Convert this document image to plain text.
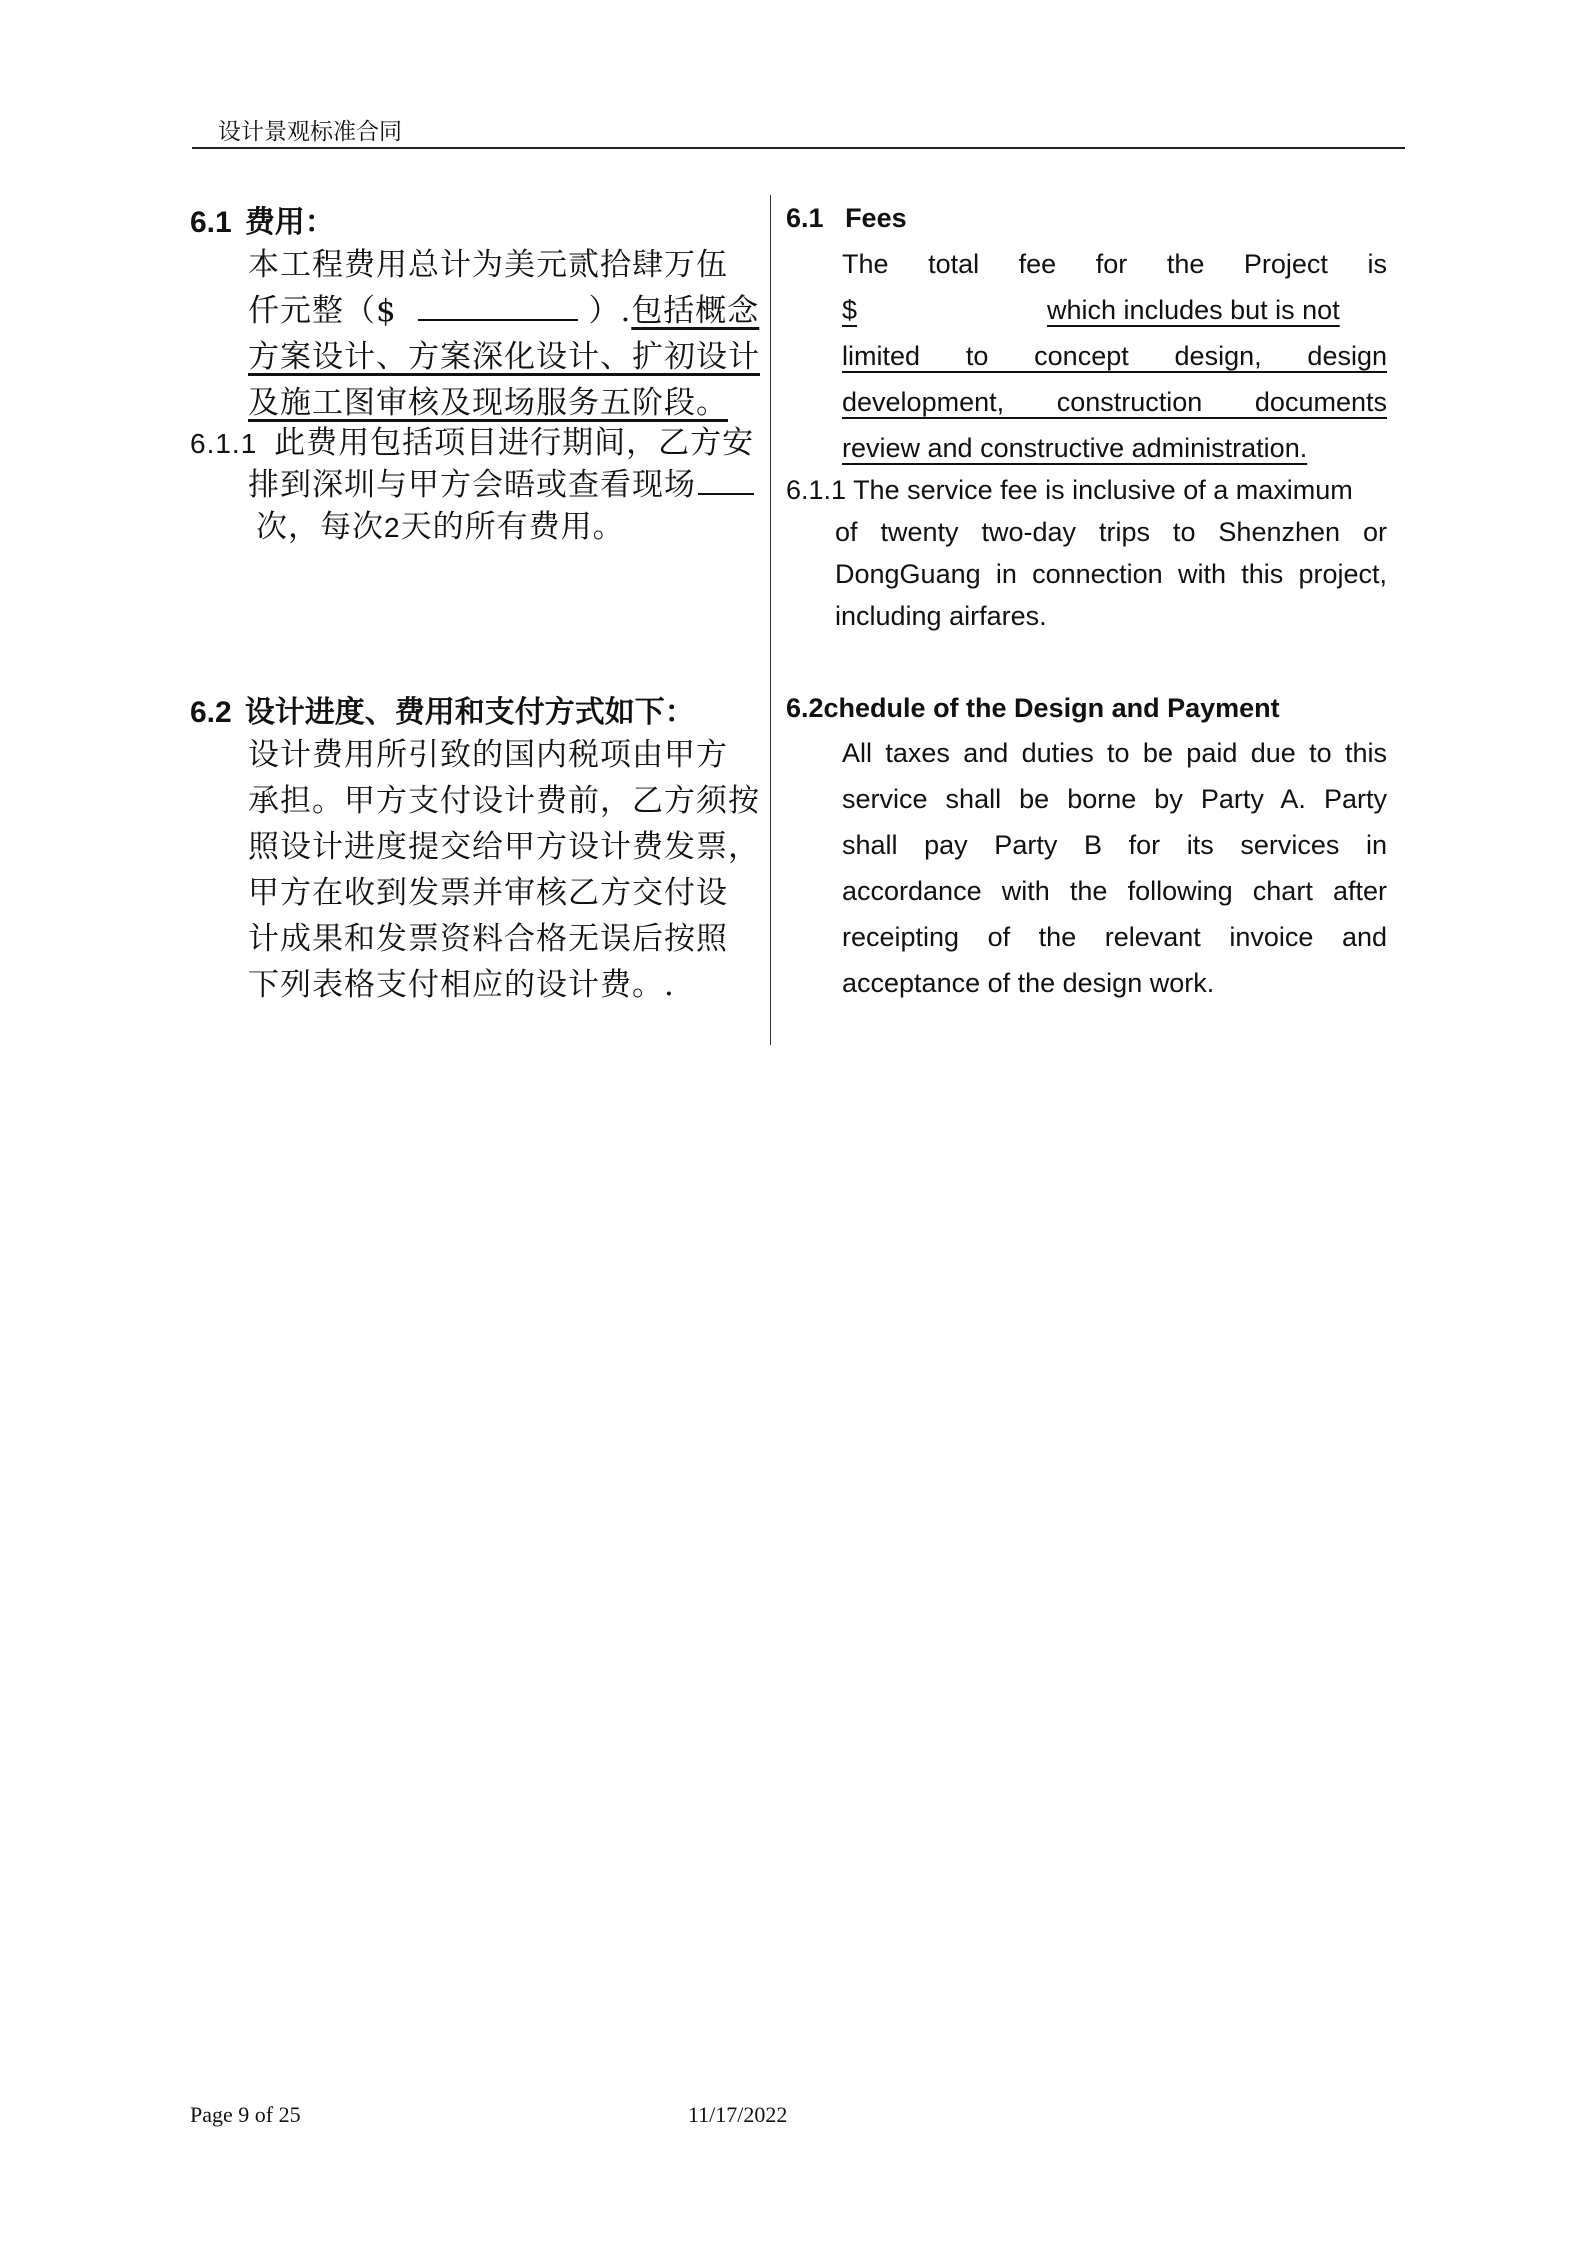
设计景观标准合同
6.1 费用：
本工程费用总计为美元贰拾肆万伍
仟元整（$	）.包括概念
方案设计、方案深化设计、扩初设计
及施工图审核及现场服务五阶段。
6.1.1 此费用包括项目进行期间，乙方安
排到深圳与甲方会晤或查看现场
次，每次2天的所有费用。
6.2 设计进度、费用和支付方式如下：
设计费用所引致的国内税项由甲方
承担。甲方支付设计费前，乙方须按
照设计进度提交给甲方设计费发票，
甲方在收到发票并审核乙方交付设
计成果和发票资料合格无误后按照
下列表格支付相应的设计费。.
6.1 Fees
The total fee for the Project is
$	which includes but is not
limited to concept design, design
development, construction documents
review and constructive administration.
6.1.1 The service fee is inclusive of a maximum
of twenty two-day trips to Shenzhen or
DongGuang in connection with this project,
including airfares.
6.2chedule of the Design and Payment
All taxes and duties to be paid due to this
service shall be borne by Party A. Party
shall pay Party B for its services in
accordance with the following chart after
receipting of the relevant invoice and
acceptance of the design work.
Page 9 of 25	11/17/2022
